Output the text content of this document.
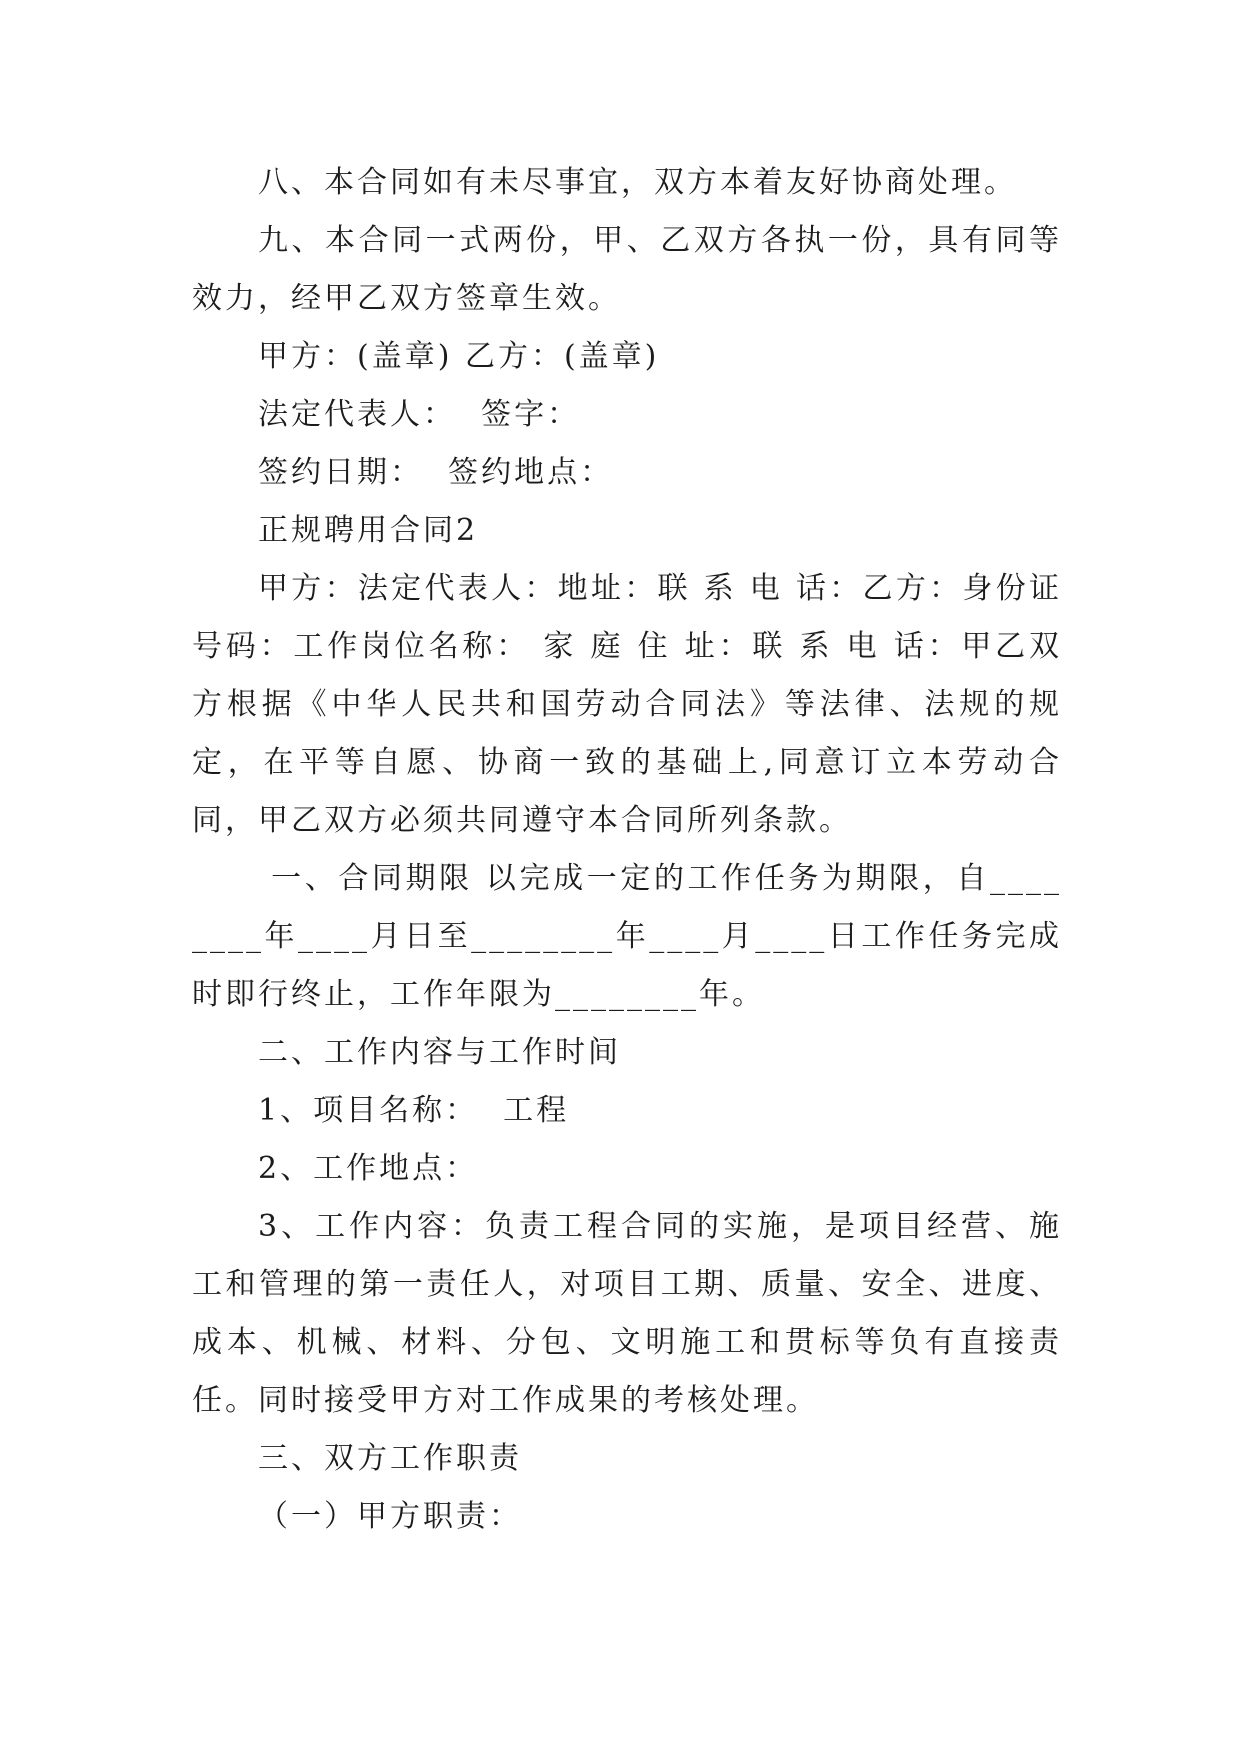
八、本合同如有未尽事宜，双方本着友好协商处理。

九、本合同一式两份，甲、乙双方各执一份，具有同等效力，经甲乙双方签章生效。

甲方：(盖章) 乙方：(盖章)

法定代表人：  签字：

签约日期：  签约地点：

正规聘用合同2

甲方：法定代表人：地址：联 系 电 话：乙方：身份证号码：工作岗位名称： 家 庭 住 址：联 系 电 话：甲乙双方根据《中华人民共和国劳动合同法》等法律、法规的规定，在平等自愿、协商一致的基础上,同意订立本劳动合同，甲乙双方必须共同遵守本合同所列条款。

一、合同期限 以完成一定的工作任务为期限，自________年____月日至________年____月____日工作任务完成时即行终止，工作年限为________年。

二、工作内容与工作时间

1、项目名称：  工程

2、工作地点：

3、工作内容：负责工程合同的实施，是项目经营、施工和管理的第一责任人，对项目工期、质量、安全、进度、成本、机械、材料、分包、文明施工和贯标等负有直接责任。同时接受甲方对工作成果的考核处理。

三、双方工作职责

（一）甲方职责：
